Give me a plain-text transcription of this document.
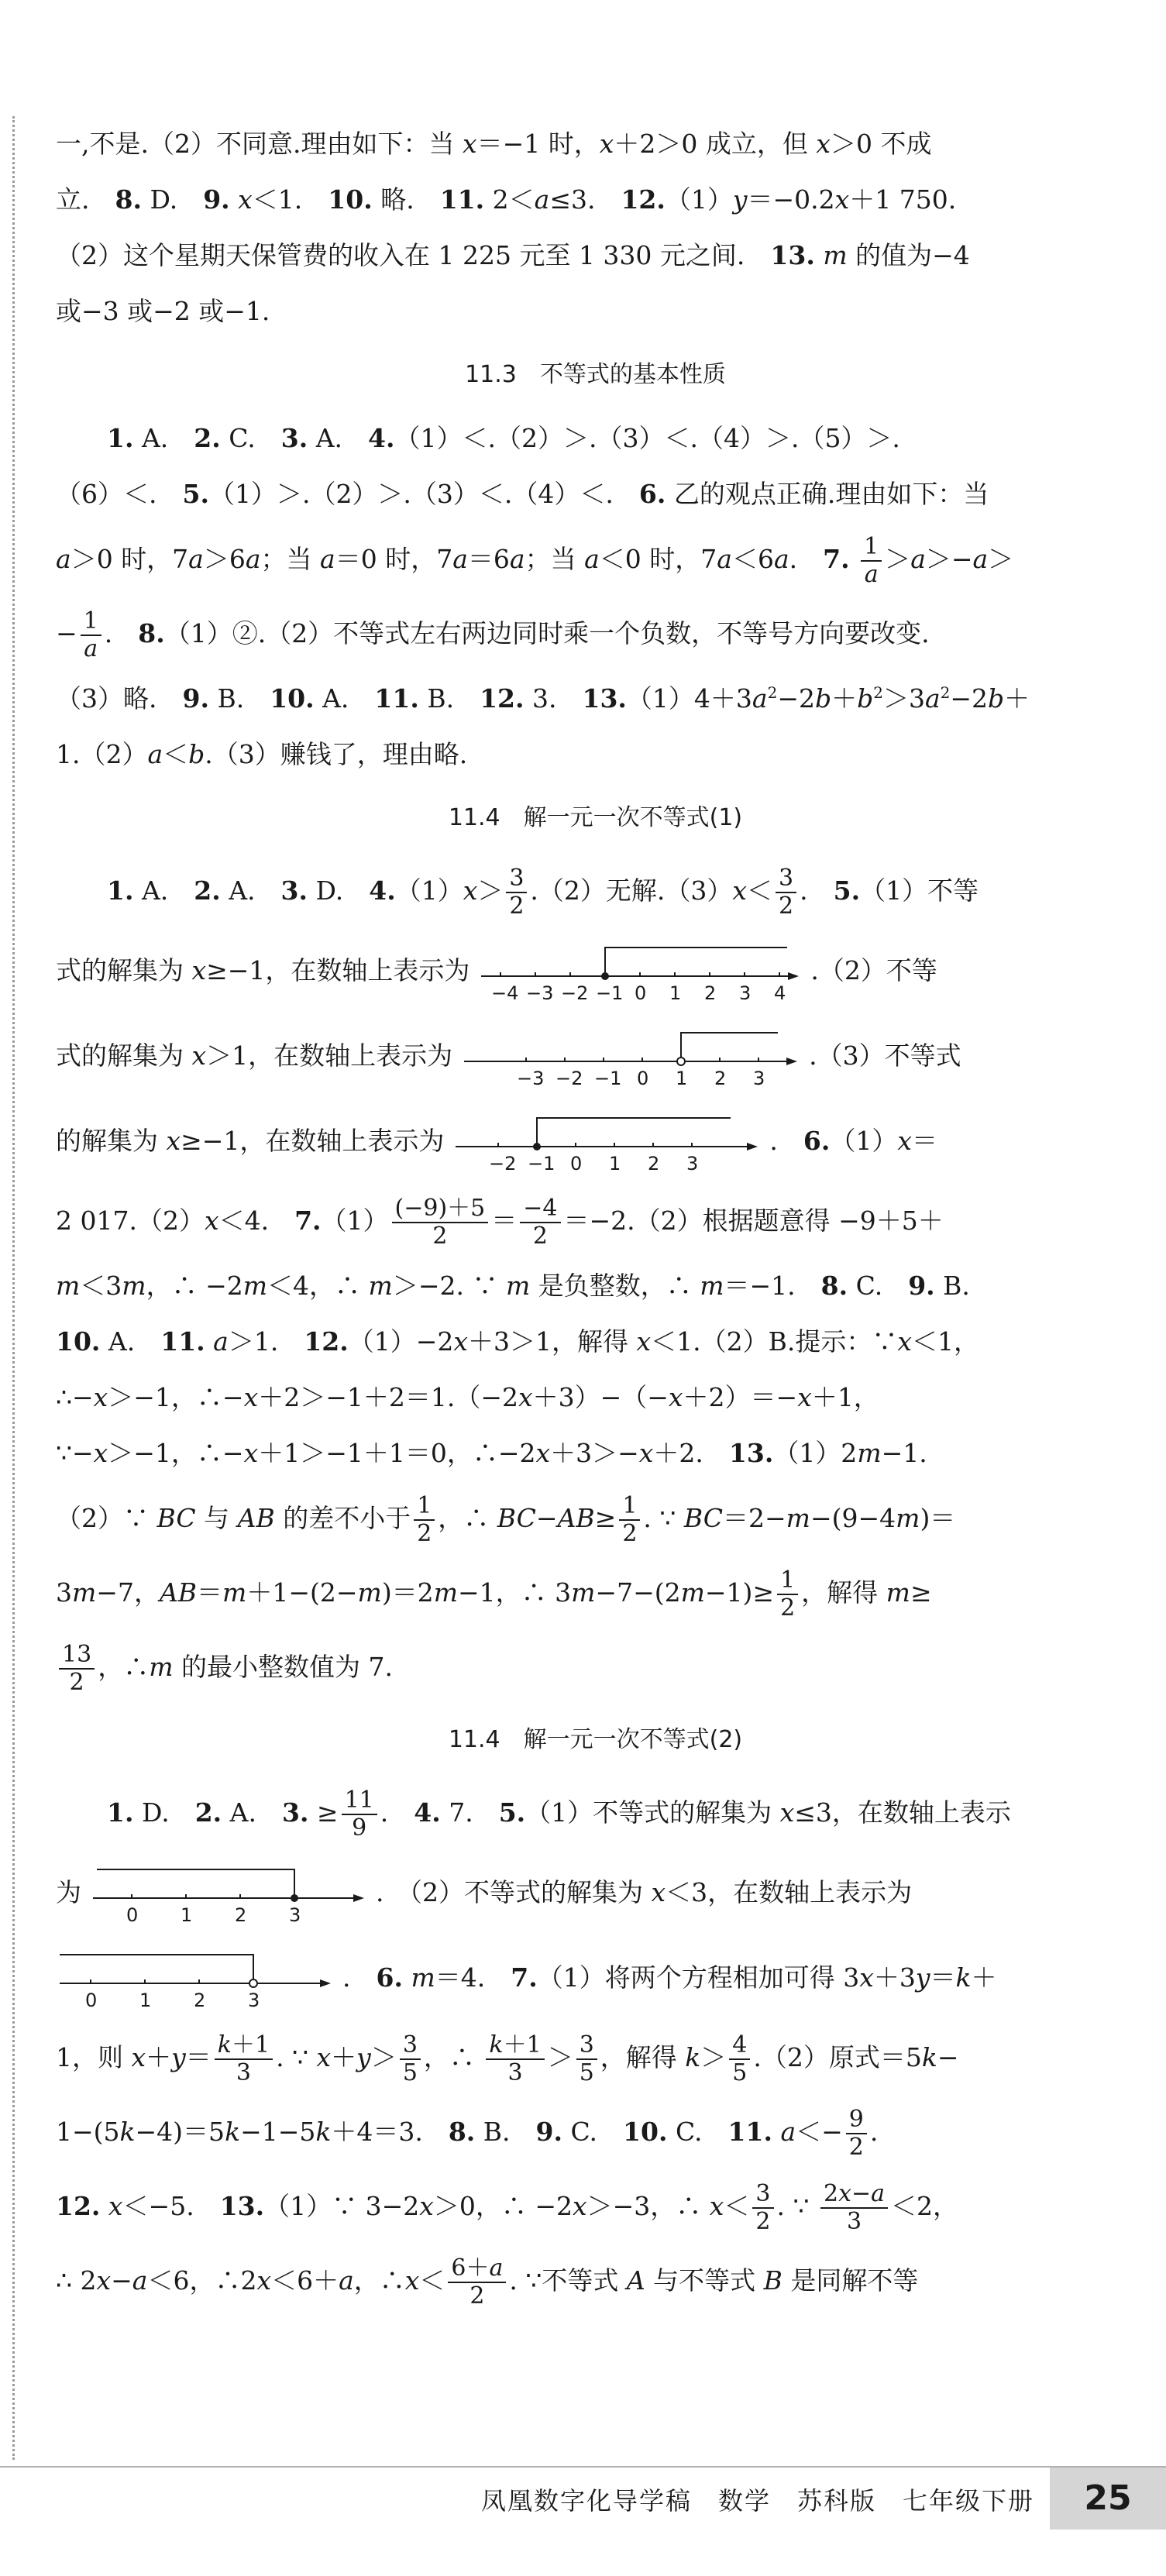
一,不是.（2）不同意.理由如下：当 x＝−1 时，x＋2＞0 成立，但 x＞0 不成
立.　8. D.　9. x＜1.　10. 略.　11. 2＜a≤3.　12.（1）y＝−0.2x＋1 750.
（2）这个星期天保管费的收入在 1 225 元至 1 330 元之间.　13. m 的值为−4
或−3 或−2 或−1.
11.3　不等式的基本性质
1. A.　2. C.　3. A.　4.（1）＜.（2）＞.（3）＜.（4）＞.（5）＞.
（6）＜.　5.（1）＞.（2）＞.（3）＜.（4）＜.　6. 乙的观点正确.理由如下：当
a＞0 时，7a＞6a；当 a＝0 时，7a＝6a；当 a＜0 时，7a＜6a.　7. $\frac{1}{a} >a>-a>$
− $\frac{1}{a}$ .　8.（1）②.（2）不等式左右两边同时乘一个负数，不等号方向要改变.
（3）略.　9. B.　10. A.　11. B.　12. 3.　$13.(1)4+3a^2-2b+b^2>3a^2-2b+$
1.（2）a＜b.（3）赚钱了，理由略.
11.4　解一元一次不等式(1)
1. A.　2. A.　3. D.　$4.(1)x> \frac{3}{2} .(2)$无解$.(3)x< \frac{3}{2}$ .　5.（1）不等
式的解集为 x≥−1，在数轴上表示为
−4 −3 −2 −1 0 1 2 3 4
.（2）不等
式的解集为 x＞1，在数轴上表示为
−3 −2 −1 0 1 2 3
.（3）不等式
的解集为 x≥−1，在数轴上表示为
−2 −1 0 1 2 3
.　6.（1）x＝
2 017.（2）x＜4.　$7.(1) \frac{(-9)+5}{2} = \frac{-4}{2} =-2.(2)$根据题意得 −9＋5＋
m＜3m，∴ −2m＜4，∴ m＞−2. ∵ m 是负整数，∴ m＝−1.　8. C.　9. B.
10. A.　11. a＞1.　12.（1）−2x＋3＞1，解得 x＜1.（2）B.提示：∵x＜1，
∴−x＞−1，∴−x＋2＞−1＋2＝1.（−2x＋3）−（−x＋2）＝−x＋1，
∵−x＞−1，∴−x＋1＞−1＋1＝0，∴−2x＋3＞−x＋2.　13.（1）2m−1.
（2）∵ BC 与 AB 的差不小于 $\frac{1}{2}$ ，∴ $BC-AB\ge \frac{1}{2}$ . ∵ BC＝2−m−(9−4m)＝
3m−7，AB＝m＋1−(2−m)＝2m−1，∴ $3m-7-(2m-1)\ge \frac{1}{2}$ ，解得 m≥
$\frac{13}{2}$ ，∴m 的最小整数值为 7.
11.4　解一元一次不等式(2)
1. D.　2. A.　3. ≥ $\frac{11}{9}$ .　4. 7.　5.（1）不等式的解集为 x≤3，在数轴上表示
为
0 1 2 3
.　（2）不等式的解集为 x＜3，在数轴上表示为
0 1 2 3
.　6. m＝4.　7.（1）将两个方程相加可得 3x＋3y＝k＋
1，则 $x+y= \frac{k+1}{3}$ . ∵ $x+y> \frac{3}{5}$ ，∴ $\frac{k+1}{3} > \frac{3}{5}$ ，解得 $k> \frac{4}{5} .(2)$原式＝5k−
1−(5k−4)＝5k−1−5k＋4＝3.　8. B.　9. C.　10. C.　11. $a<- \frac{9}{2}$ .
12. x＜−5.　13.（1）∵ 3−2x＞0，∴ −2x＞−3，∴ $x< \frac{3}{2}$ . ∵ $\frac{2x-a}{3} <2$，
∴ 2x−a＜6，∴2x＜6＋a，∴x＜ $\frac{6+a}{2}$ . ∵不等式 A 与不等式 B 是同解不等
凤凰数字化导学稿　数学　苏科版　七年级下册	25
